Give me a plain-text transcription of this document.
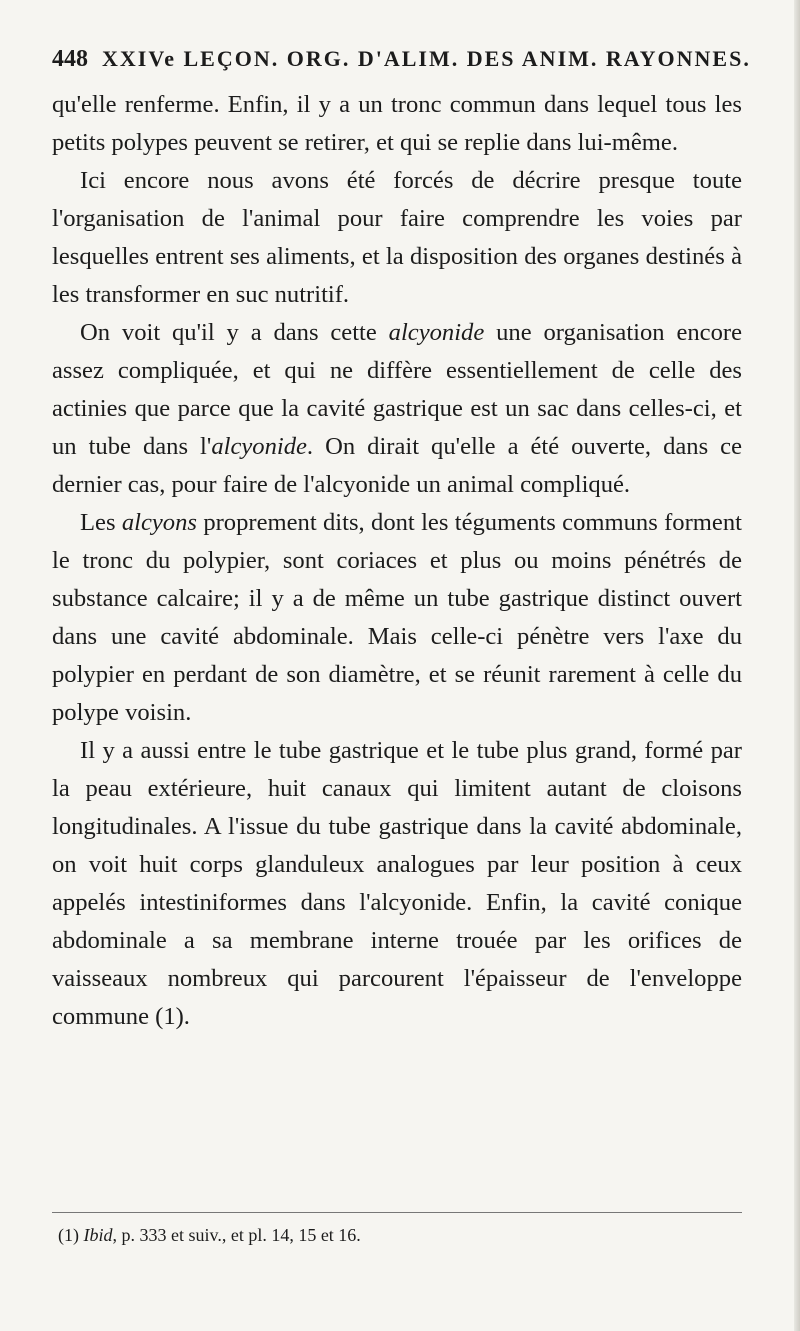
448 XXIVe LEÇON. ORG. D'ALIM. DES ANIM. RAYONNES.

qu'elle renferme. Enfin, il y a un tronc commun dans lequel tous les petits polypes peuvent se retirer, et qui se replie dans lui-même.

Ici encore nous avons été forcés de décrire presque toute l'organisation de l'animal pour faire comprendre les voies par lesquelles entrent ses aliments, et la disposition des organes destinés à les transformer en suc nutritif.

On voit qu'il y a dans cette alcyonide une organisation encore assez compliquée, et qui ne diffère essentiellement de celle des actinies que parce que la cavité gastrique est un sac dans celles-ci, et un tube dans l'alcyonide. On dirait qu'elle a été ouverte, dans ce dernier cas, pour faire de l'alcyonide un animal compliqué.

Les alcyons proprement dits, dont les téguments communs forment le tronc du polypier, sont coriaces et plus ou moins pénétrés de substance calcaire; il y a de même un tube gastrique distinct ouvert dans une cavité abdominale. Mais celle-ci pénètre vers l'axe du polypier en perdant de son diamètre, et se réunit rarement à celle du polype voisin.

Il y a aussi entre le tube gastrique et le tube plus grand, formé par la peau extérieure, huit canaux qui limitent autant de cloisons longitudinales. A l'issue du tube gastrique dans la cavité abdominale, on voit huit corps glanduleux analogues par leur position à ceux appelés intestiniformes dans l'alcyonide. Enfin, la cavité conique abdominale a sa membrane interne trouée par les orifices de vaisseaux nombreux qui parcourent l'épaisseur de l'enveloppe commune (1).

(1) Ibid, p. 333 et suiv., et pl. 14, 15 et 16.
